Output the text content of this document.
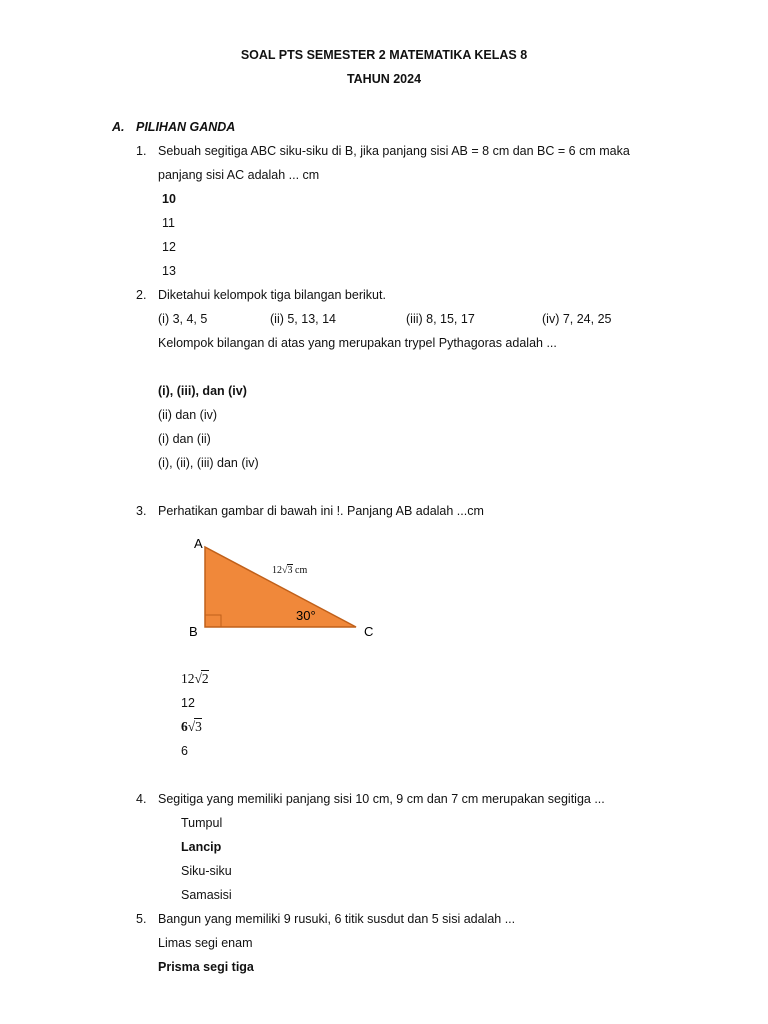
SOAL PTS SEMESTER 2 MATEMATIKA KELAS 8
TAHUN 2024
A. PILIHAN GANDA
1. Sebuah segitiga ABC siku-siku di B, jika panjang sisi AB = 8 cm dan BC = 6 cm maka
panjang sisi AC adalah ... cm
10
11
12
13
2. Diketahui kelompok tiga bilangan berikut.
(i) 3, 4, 5	(ii) 5, 13, 14	(iii) 8, 15, 17	(iv) 7, 24, 25
Kelompok bilangan di atas yang merupakan trypel Pythagoras adalah ...
(i), (iii), dan (iv)
(ii) dan (iv)
(i) dan (ii)
(i), (ii), (iii) dan (iv)
3. Perhatikan gambar di bawah ini !. Panjang AB adalah ...cm
A
B	C
30°
12√3 cm
12√2
12
6√3
6
4. Segitiga yang memiliki panjang sisi 10 cm, 9 cm dan 7 cm merupakan segitiga ...
Tumpul
Lancip
Siku-siku
Samasisi
5. Bangun yang memiliki 9 rusuki, 6 titik susdut dan 5 sisi adalah ...
Limas segi enam
Prisma segi tiga
